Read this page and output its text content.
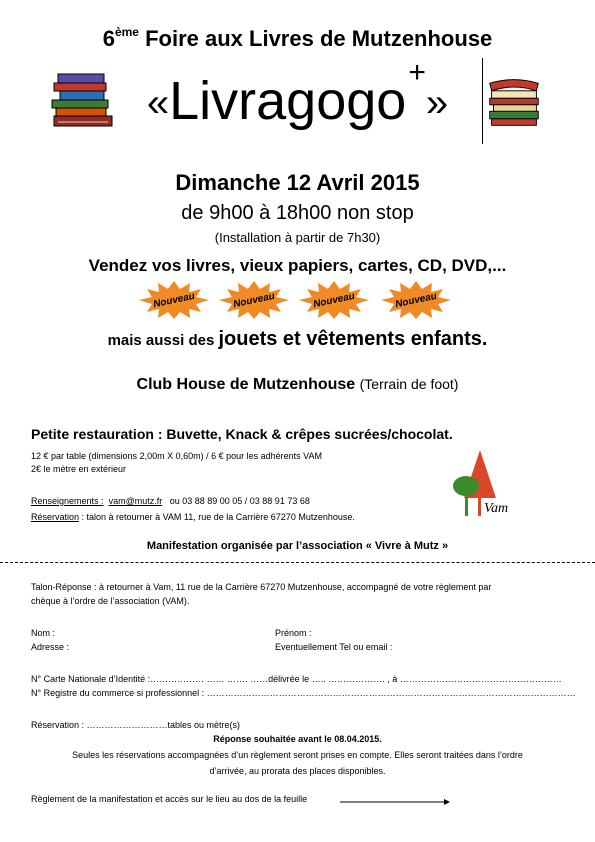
6ème Foire aux Livres de Mutzenhouse
«Livragogo+»
Dimanche 12 Avril 2015
de 9h00 à 18h00 non stop
(Installation à partir de 7h30)
Vendez vos livres, vieux papiers, cartes, CD, DVD,...
Nouveau	Nouveau	Nouveau	Nouveau
mais aussi des jouets et vêtements enfants.
Club House de Mutzenhouse (Terrain de foot)
Petite restauration : Buvette, Knack & crêpes sucrées/chocolat.
12 € par table (dimensions 2,00m X 0,60m) / 6 € pour les adhérents VAM
2€ le mètre en extérieur
Renseignements : vam@mutz.fr ou 03 88 89 00 05 / 03 88 91 73 68
Réservation : talon à retourner à VAM 11, rue de la Carrière 67270 Mutzenhouse.
Vam
Manifestation organisée par l’association « Vivre à Mutz »
Talon-Réponse : à retourner à Vam, 11 rue de la Carrière 67270 Mutzenhouse, accompagné de votre règlement par
chèque à l’ordre de l’association (VAM).
Nom :	Prénom :
Adresse :	Eventuellement Tel ou email :
N° Carte Nationale d’Identité :……………… …… ……. ……délivrée le ….. ………………. , à ………………………………………………
N° Registre du commerce si professionnel : ……………………………………………………………………………………………………………
Réservation : ………………………tables ou mètre(s)
Réponse souhaitée avant le 08.04.2015.
Seules les réservations accompagnées d’un règlement seront prises en compte. Elles seront traitées dans l’ordre
d’arrivée, au prorata des places disponibles.
Règlement de la manifestation et accès sur le lieu au dos de la feuille
